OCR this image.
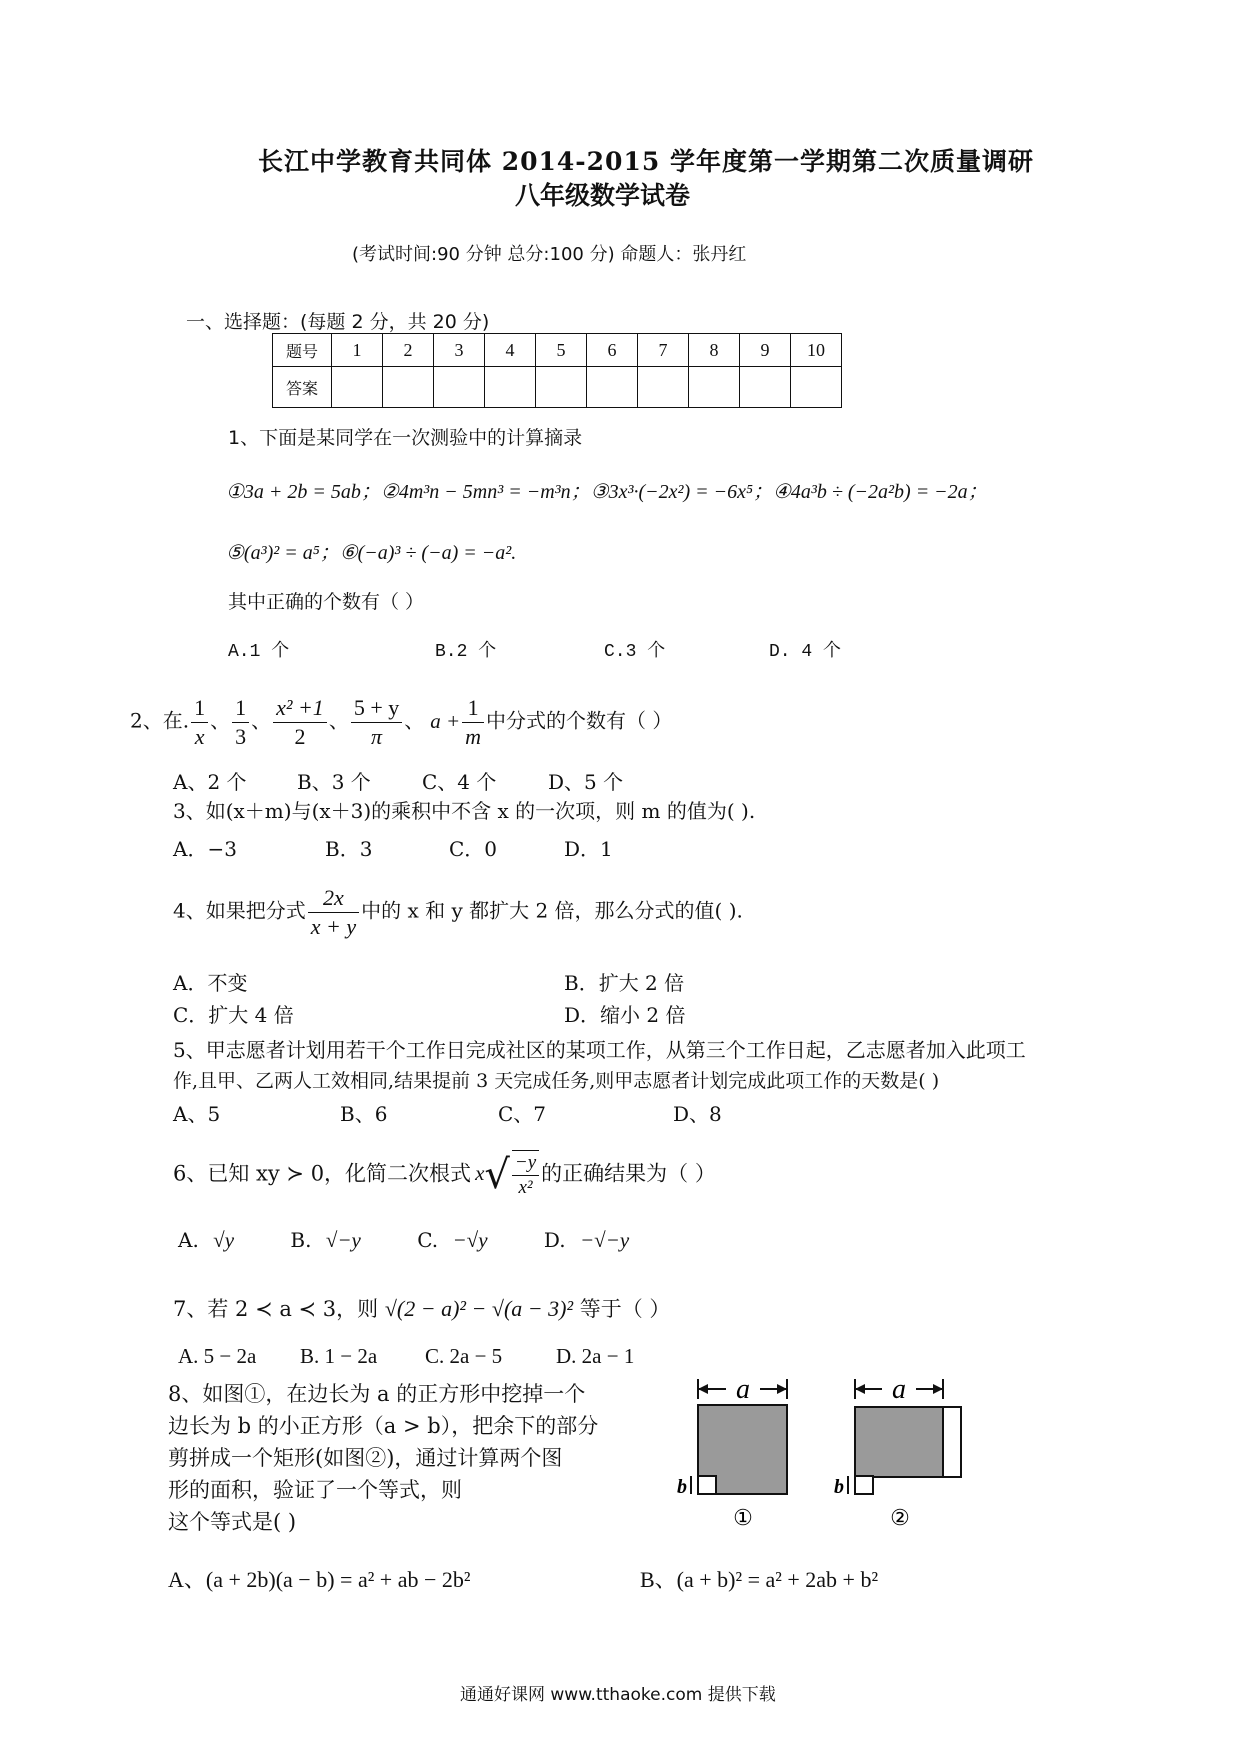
长江中学教育共同体 2014-2015 学年度第一学期第二次质量调研
八年级数学试卷
(考试时间:90 分钟 总分:100 分) 命题人：张丹红
一、选择题：(每题 2 分，共 20 分)
题号	1	2	3	4	5	6	7	8	9	10
答案										
1、下面是某同学在一次测验中的计算摘录
①3a + 2b = 5ab；②4m³n − 5mn³ = −m³n；③3x³·(−2x²) = −6x⁵；④4a³b ÷ (−2a²b) = −2a；
⑤(a³)² = a⁵；⑥(−a)³ ÷ (−a) = −a².
其中正确的个数有（ ）
A.1 个	B.2 个	C.3 个	D. 4 个
2、在. $\frac{1}{x}$ 、 $\frac{1}{3}$ 、 $\frac{\text{x² +1}}{2}$ 、 $\frac{5 + y}{\pi}$ 、 $a + \frac{1}{m}$ 中分式的个数有（ ）
A、2 个	B、3 个	C、4 个	D、5 个
3、如(x＋m)与(x＋3)的乘积中不含 x 的一次项，则 m 的值为( ).
A．−3	B．3	C．0	D．1
4、如果把分式 $\frac{2x}{x + y}$ 中的 x 和 y 都扩大 2 倍，那么分式的值( ).
A．不变	B．扩大 2 倍
C．扩大 4 倍	D．缩小 2 倍
5、甲志愿者计划用若干个工作日完成社区的某项工作，从第三个工作日起，乙志愿者加入此项工
作,且甲、乙两人工效相同,结果提前 3 天完成任务,则甲志愿者计划完成此项工作的天数是( )
A、5	B、6	C、7	D、8
6、已知 xy ≻ 0，化简二次根式 $x√ \frac{-y}{\text{x²}}$ 的正确结果为（ ）
A. √y	B. √−y	C. −√y	D. −√−y
7、若 2 ≺ a ≺ 3，则 √(2 − a)² − √(a − 3)² 等于（ ）
A. 5 − 2a B. 1 − 2a C. 2a − 5	D. 2a − 1
8、如图①，在边长为 a 的正方形中挖掉一个
边长为 b 的小正方形（a > b），把余下的部分
剪拼成一个矩形(如图②)，通过计算两个图
形的面积，验证了一个等式，则
这个等式是( )
a
b
①
a
b
②
A、(a + 2b)(a − b) = a² + ab − 2b²	B、(a + b)² = a² + 2ab + b²
通通好课网 www.tthaoke.com 提供下载
